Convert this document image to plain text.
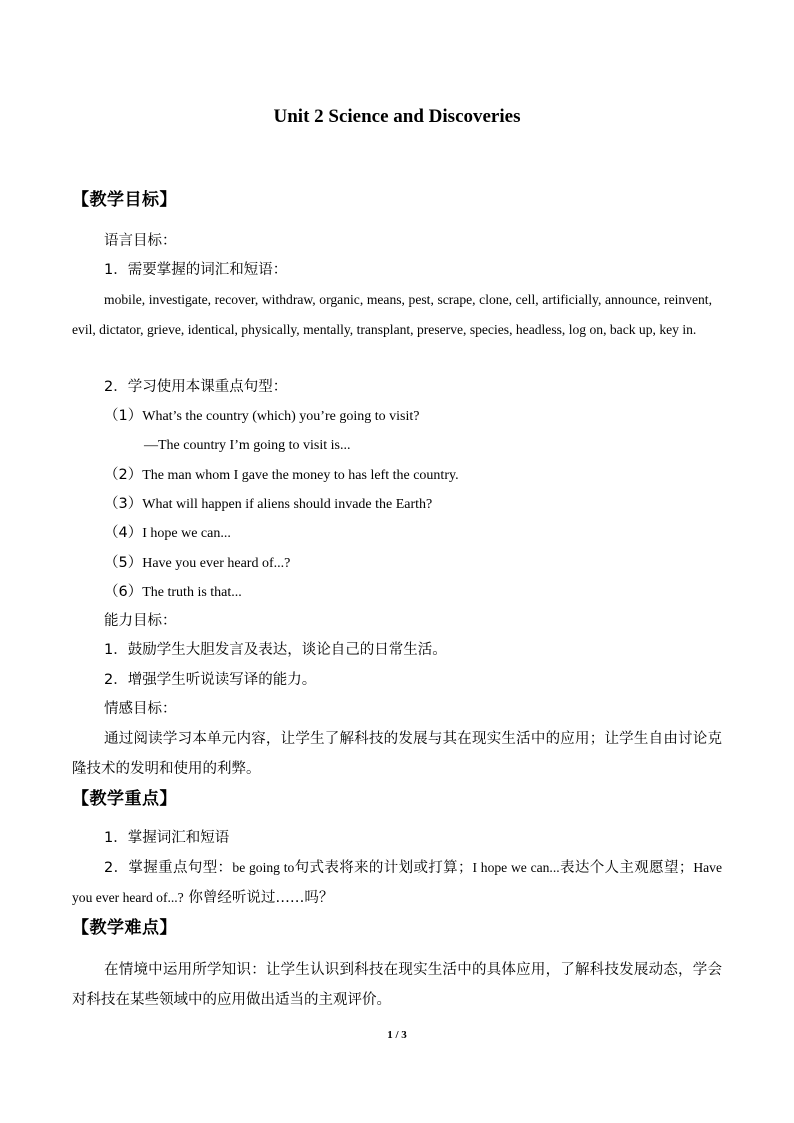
Unit 2 Science and Discoveries
【教学目标】
语言目标：
1．需要掌握的词汇和短语：
mobile, investigate, recover, withdraw, organic, means, pest, scrape, clone, cell, artificially, announce, reinvent, evil, dictator, grieve, identical, physically, mentally, transplant, preserve, species, headless, log on, back up, key in.
2．学习使用本课重点句型：
（1）What’s the country (which) you’re going to visit?
—The country I’m going to visit is...
（2）The man whom I gave the money to has left the country.
（3）What will happen if aliens should invade the Earth?
（4）I hope we can...
（5）Have you ever heard of...?
（6）The truth is that...
能力目标：
1．鼓励学生大胆发言及表达，谈论自己的日常生活。
2．增强学生听说读写译的能力。
情感目标：
通过阅读学习本单元内容，让学生了解科技的发展与其在现实生活中的应用；让学生自由讨论克隆技术的发明和使用的利弊。
【教学重点】
1．掌握词汇和短语
2．掌握重点句型：be going to句式表将来的计划或打算；I hope we can...表达个人主观愿望；Have you ever heard of...? 你曾经听说过……吗？
【教学难点】
在情境中运用所学知识：让学生认识到科技在现实生活中的具体应用，了解科技发展动态，学会对科技在某些领域中的应用做出适当的主观评价。
1 / 3
